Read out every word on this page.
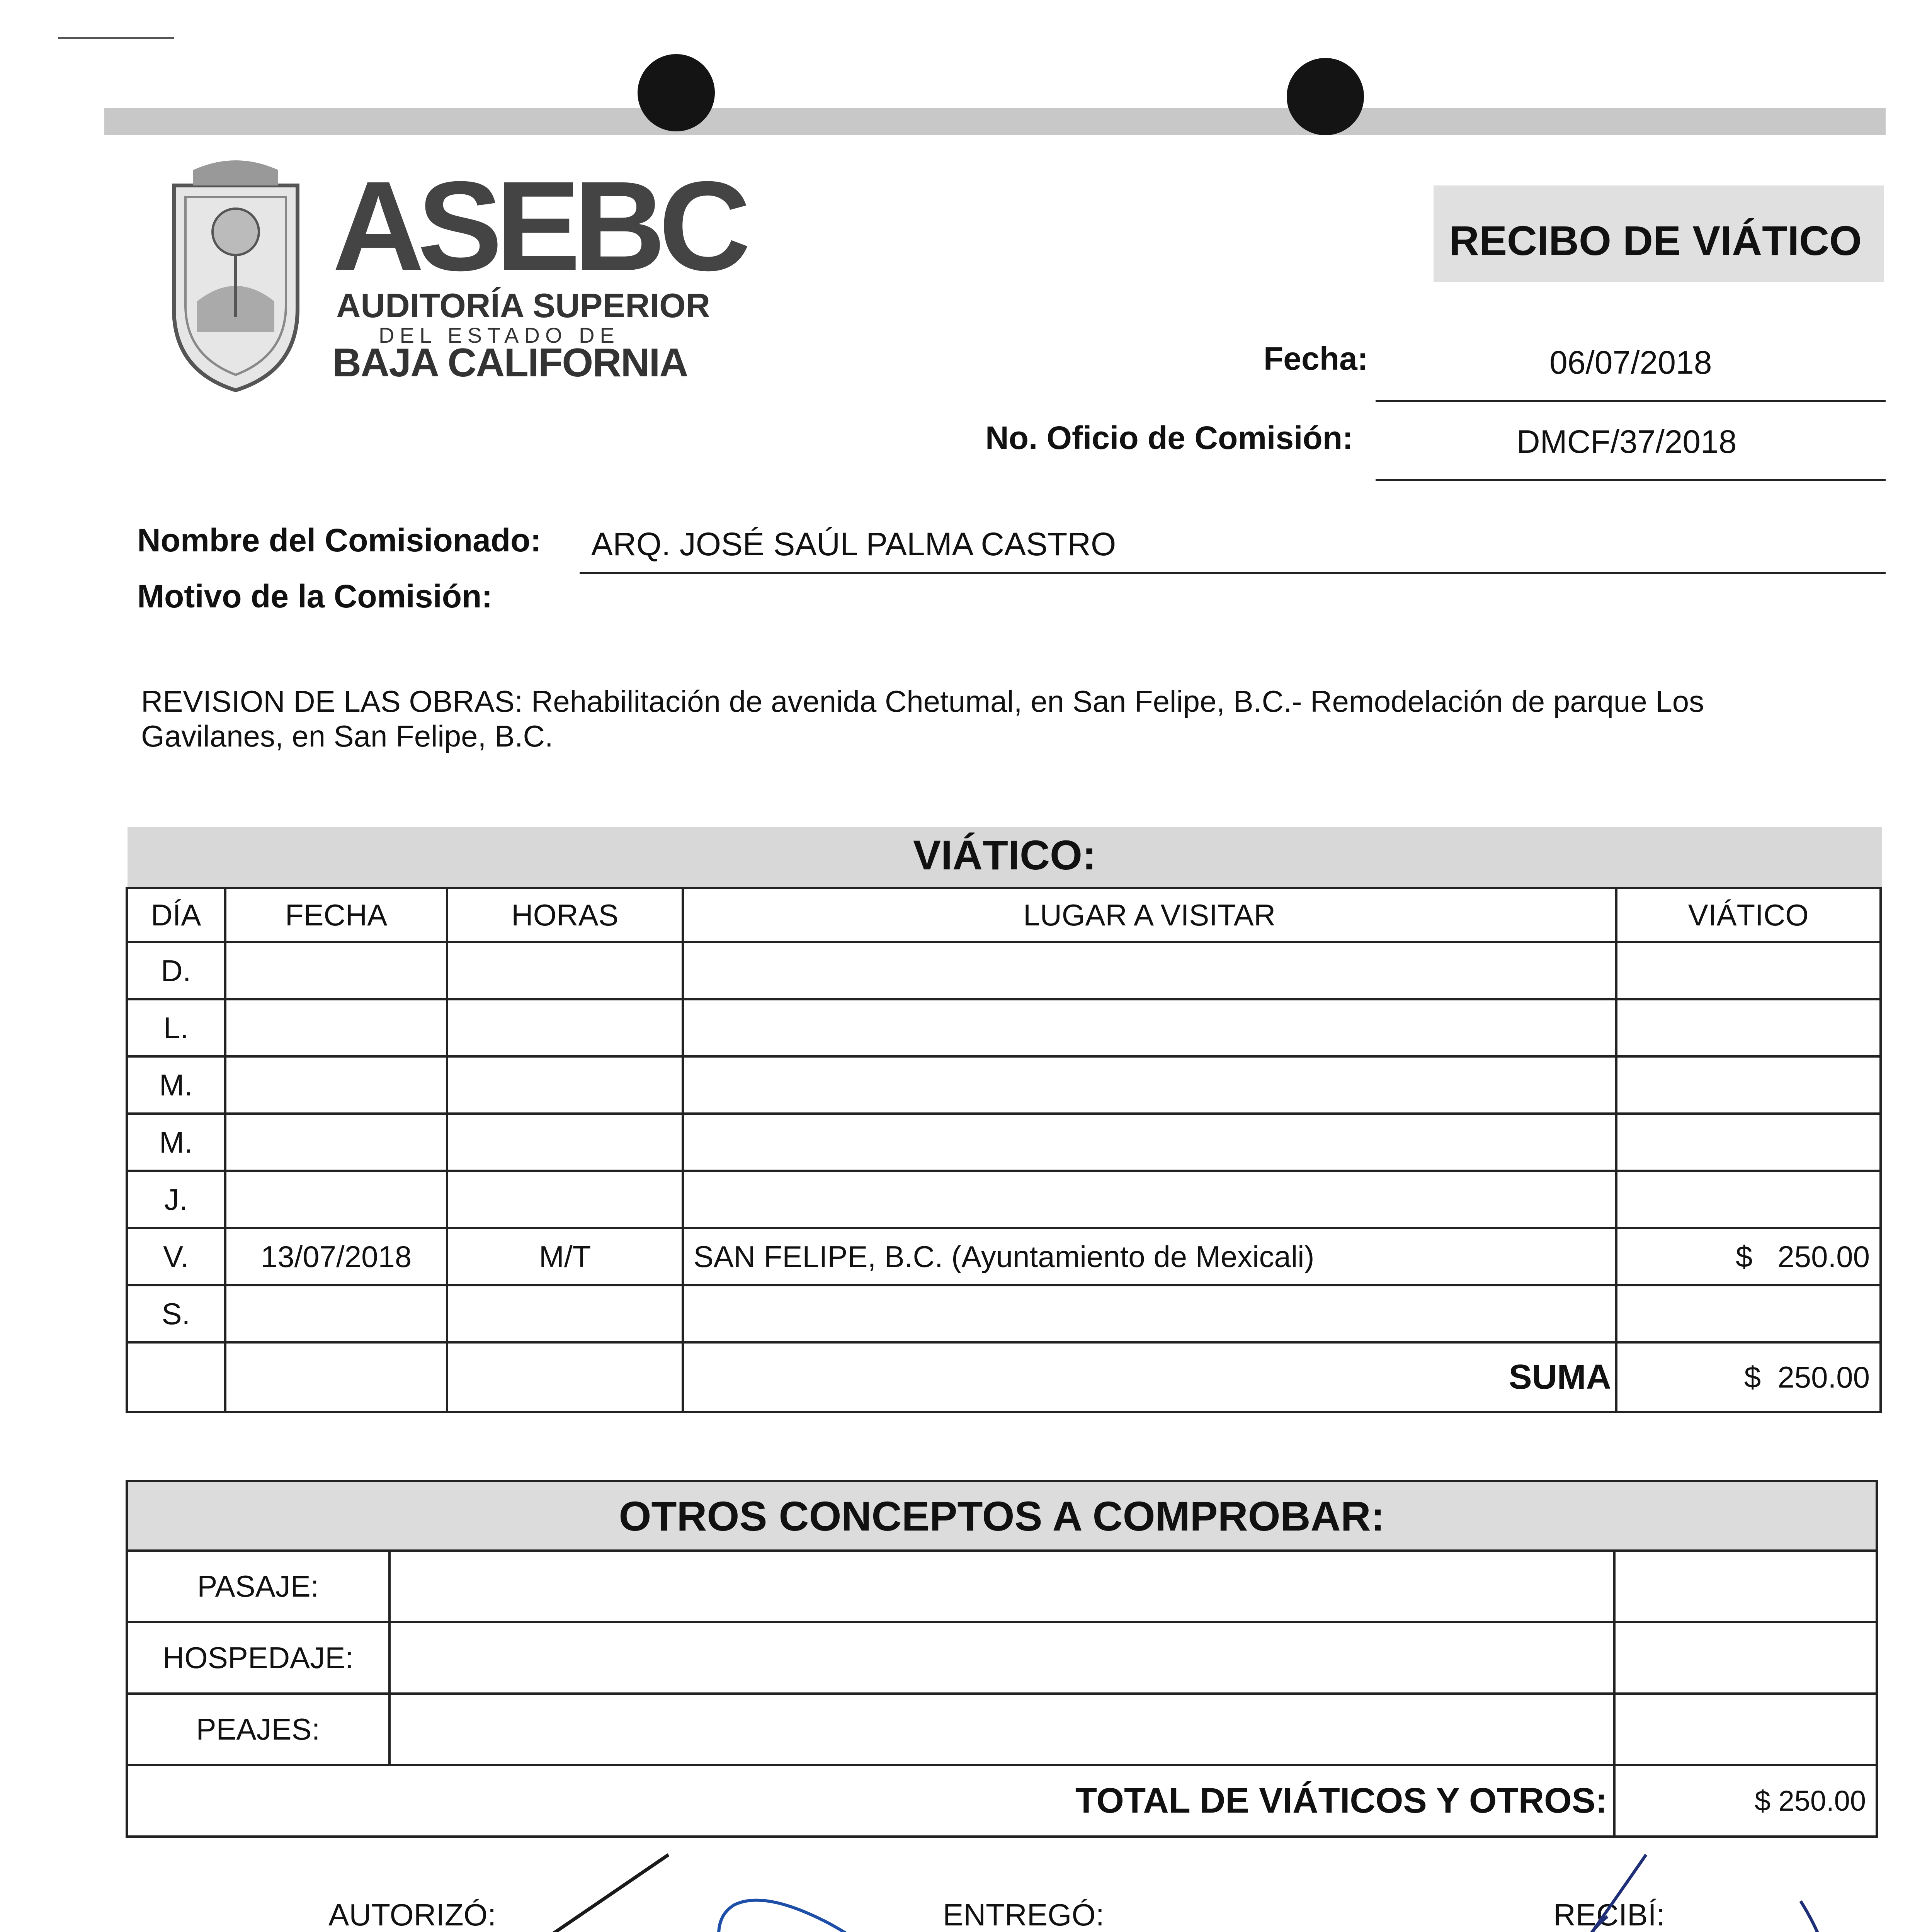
ASEBC
AUDITORÍA SUPERIOR
DEL ESTADO DE
BAJA CALIFORNIA
RECIBO DE VIÁTICO
Fecha:	06/07/2018
No. Oficio de Comisión:	DMCF/37/2018
Nombre del Comisionado: ARQ. JOSÉ SAÚL PALMA CASTRO
Motivo de la Comisión:
REVISION DE LAS OBRAS: Rehabilitación de avenida Chetumal, en San Felipe, B.C.- Remodelación de parque Los Gavilanes, en San Felipe, B.C.
VIÁTICO:
DÍA	FECHA	HORAS	LUGAR A VISITAR	VIÁTICO
D.				
L.				
M.				
M.				
J.				
V.	13/07/2018	M/T	SAN FELIPE, B.C. (Ayuntamiento de Mexicali)	$   250.00
S.				
			SUMA	$  250.00
OTROS CONCEPTOS A COMPROBAR:		
PASAJE:		
HOSPEDAJE:		
PEAJES:		
TOTAL DE VIÁTICOS Y OTROS:		$ 250.00
AUTORIZÓ:	ENTREGÓ:	RECIBÍ:
